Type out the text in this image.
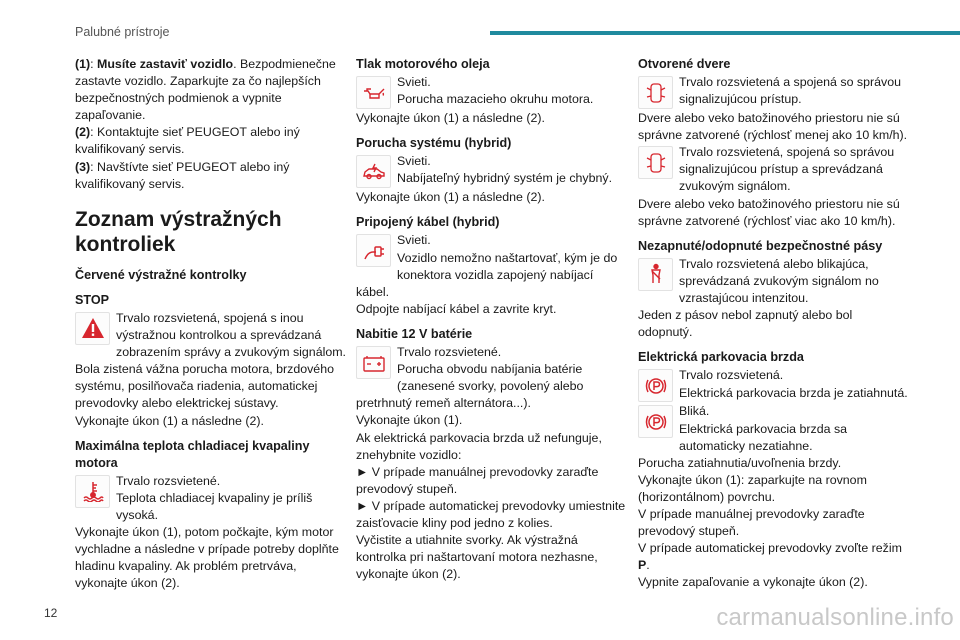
Palubné prístroje

(1): Musíte zastaviť vozidlo. Bezpodmienečne zastavte vozidlo. Zaparkujte za čo najlepších bezpečnostných podmienok a vypnite zapaľovanie.

(2): Kontaktujte sieť PEUGEOT alebo iný kvalifikovaný servis.

(3): Navštívte sieť PEUGEOT alebo iný kvalifikovaný servis.

Zoznam výstražných kontroliek
Červené výstražné kontrolky
STOP
Trvalo rozsvietená, spojená s inou výstražnou kontrolkou a sprevádzaná zobrazením správy a zvukovým signálom.

Bola zistená vážna porucha motora, brzdového systému, posilňovača riadenia, automatickej prevodovky alebo elektrickej sústavy.

Vykonajte úkon (1) a následne (2).

Maximálna teplota chladiacej kvapaliny motora

Trvalo rozsvietené.

Teplota chladiacej kvapaliny je príliš vysoká.

Vykonajte úkon (1), potom počkajte, kým motor vychladne a následne v prípade potreby doplňte hladinu kvapaliny. Ak problém pretrváva, vykonajte úkon (2).

Tlak motorového oleja

Svieti.

Porucha mazacieho okruhu motora.

Vykonajte úkon (1) a následne (2).

Porucha systému (hybrid)

Svieti.

Nabíjateľný hybridný systém je chybný.

Vykonajte úkon (1) a následne (2).

Pripojený kábel (hybrid)

Svieti.

Vozidlo nemožno naštartovať, kým je do konektora vozidla zapojený nabíjací kábel.

Odpojte nabíjací kábel a zavrite kryt.

Nabitie 12 V batérie

Trvalo rozsvietené.

Porucha obvodu nabíjania batérie (zanesené svorky, povolený alebo pretrhnutý remeň alternátora...).

Vykonajte úkon (1).

Ak elektrická parkovacia brzda už nefunguje, znehybnite vozidlo:

► V prípade manuálnej prevodovky zaraďte prevodový stupeň.

► V prípade automatickej prevodovky umiestnite zaisťovacie kliny pod jedno z kolies.

Vyčistite a utiahnite svorky. Ak výstražná kontrolka pri naštartovaní motora nezhasne, vykonajte úkon (2).

Otvorené dvere
Trvalo rozsvietená a spojená so správou signalizujúcou prístup.

Dvere alebo veko batožinového priestoru nie sú správne zatvorené (rýchlosť menej ako 10 km/h).

Trvalo rozsvietená, spojená so správou signalizujúcou prístup a sprevádzaná zvukovým signálom.

Dvere alebo veko batožinového priestoru nie sú správne zatvorené (rýchlosť viac ako 10 km/h).

Nezapnuté/odopnuté bezpečnostné pásy
Trvalo rozsvietená alebo blikajúca, sprevádzaná zvukovým signálom no vzrastajúcou intenzitou.

Jeden z pásov nebol zapnutý alebo bol odopnutý.

Elektrická parkovacia brzda

Trvalo rozsvietená.

Elektrická parkovacia brzda je zatiahnutá.

Bliká.

Elektrická parkovacia brzda sa automaticky nezatiahne.

Porucha zatiahnutia/uvoľnenia brzdy.

Vykonajte úkon (1): zaparkujte na rovnom (horizontálnom) povrchu.

V prípade manuálnej prevodovky zaraďte prevodový stupeň.

V prípade automatickej prevodovky zvoľte režim P.

Vypnite zapaľovanie a vykonajte úkon (2).

12	carmanualsonline.info
